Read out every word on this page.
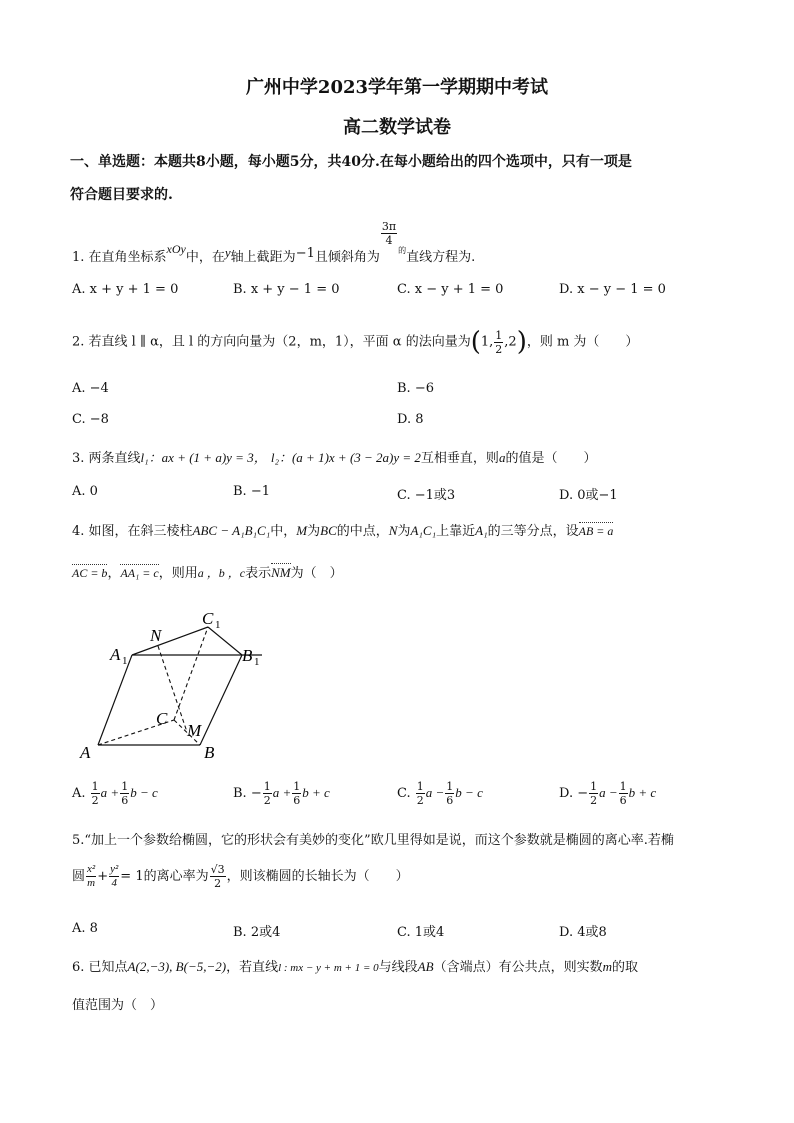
广州中学2023学年第一学期期中考试
高二数学试卷
一、单选题：本题共8小题，每小题5分，共40分.在每小题给出的四个选项中，只有一项是
符合题目要求的.
1. 在直角坐标系xOy中，在y轴上截距为−1且倾斜角为
$\frac{3\pi}{4}$
$_的$直线方程为.
A. x + y + 1 = 0	B. x + y − 1 = 0	C. x − y + 1 = 0	D. x − y − 1 = 0
2. 若直线 l ∥ α，且 l 的方向向量为（2，m，1），平面 α 的法向量为(1, $\frac{1}{2} ,2$)，则 m 为（　　）
A. −4	B. −6
C. −8	D. 8
3. 两条直线l₁：ax + (1 + a)y = 3， l₂：(a + 1)x + (3 − 2a)y = 2互相垂直，则a的值是（　　）
A. 0	B. −1	C. −1或3	D. 0或−1
4. 如图，在斜三棱柱ABC − A₁B₁C₁中，M为BC的中点，N为A₁C₁上靠近A₁的三等分点，设AB = a
AC = b，AA₁ = c，则用a ，b ，c表示NM为（　）
C 1
N
A 1	B 1
C
M
A	B
A. $\frac{1}{2}$ $a + \frac{1}{6}$ b − c	B. − $\frac{1}{2}$ $a + \frac{1}{6}$ b + c	C. $\frac{1}{2}$ $a - \frac{1}{6}$ b − c	D. − $\frac{1}{2}$ $a - \frac{1}{6}$ b + c
5.“加上一个参数给椭圆，它的形状会有美妙的变化”欧几里得如是说，而这个参数就是椭圆的离心率.若椭
圆 $\frac{\text{x²}}{m} + \frac{\text{y²}}{4} = 1$的离心率为 $\frac{√3}{2}$ ，则该椭圆的长轴长为（　　）
A. 8	B. 2或4	C. 1或4	D. 4或8
6. 已知点A(2,−3), B(−5,−2)，若直线l : mx − y + m + 1 = 0与线段AB（含端点）有公共点，则实数m的取
值范围为（　）
